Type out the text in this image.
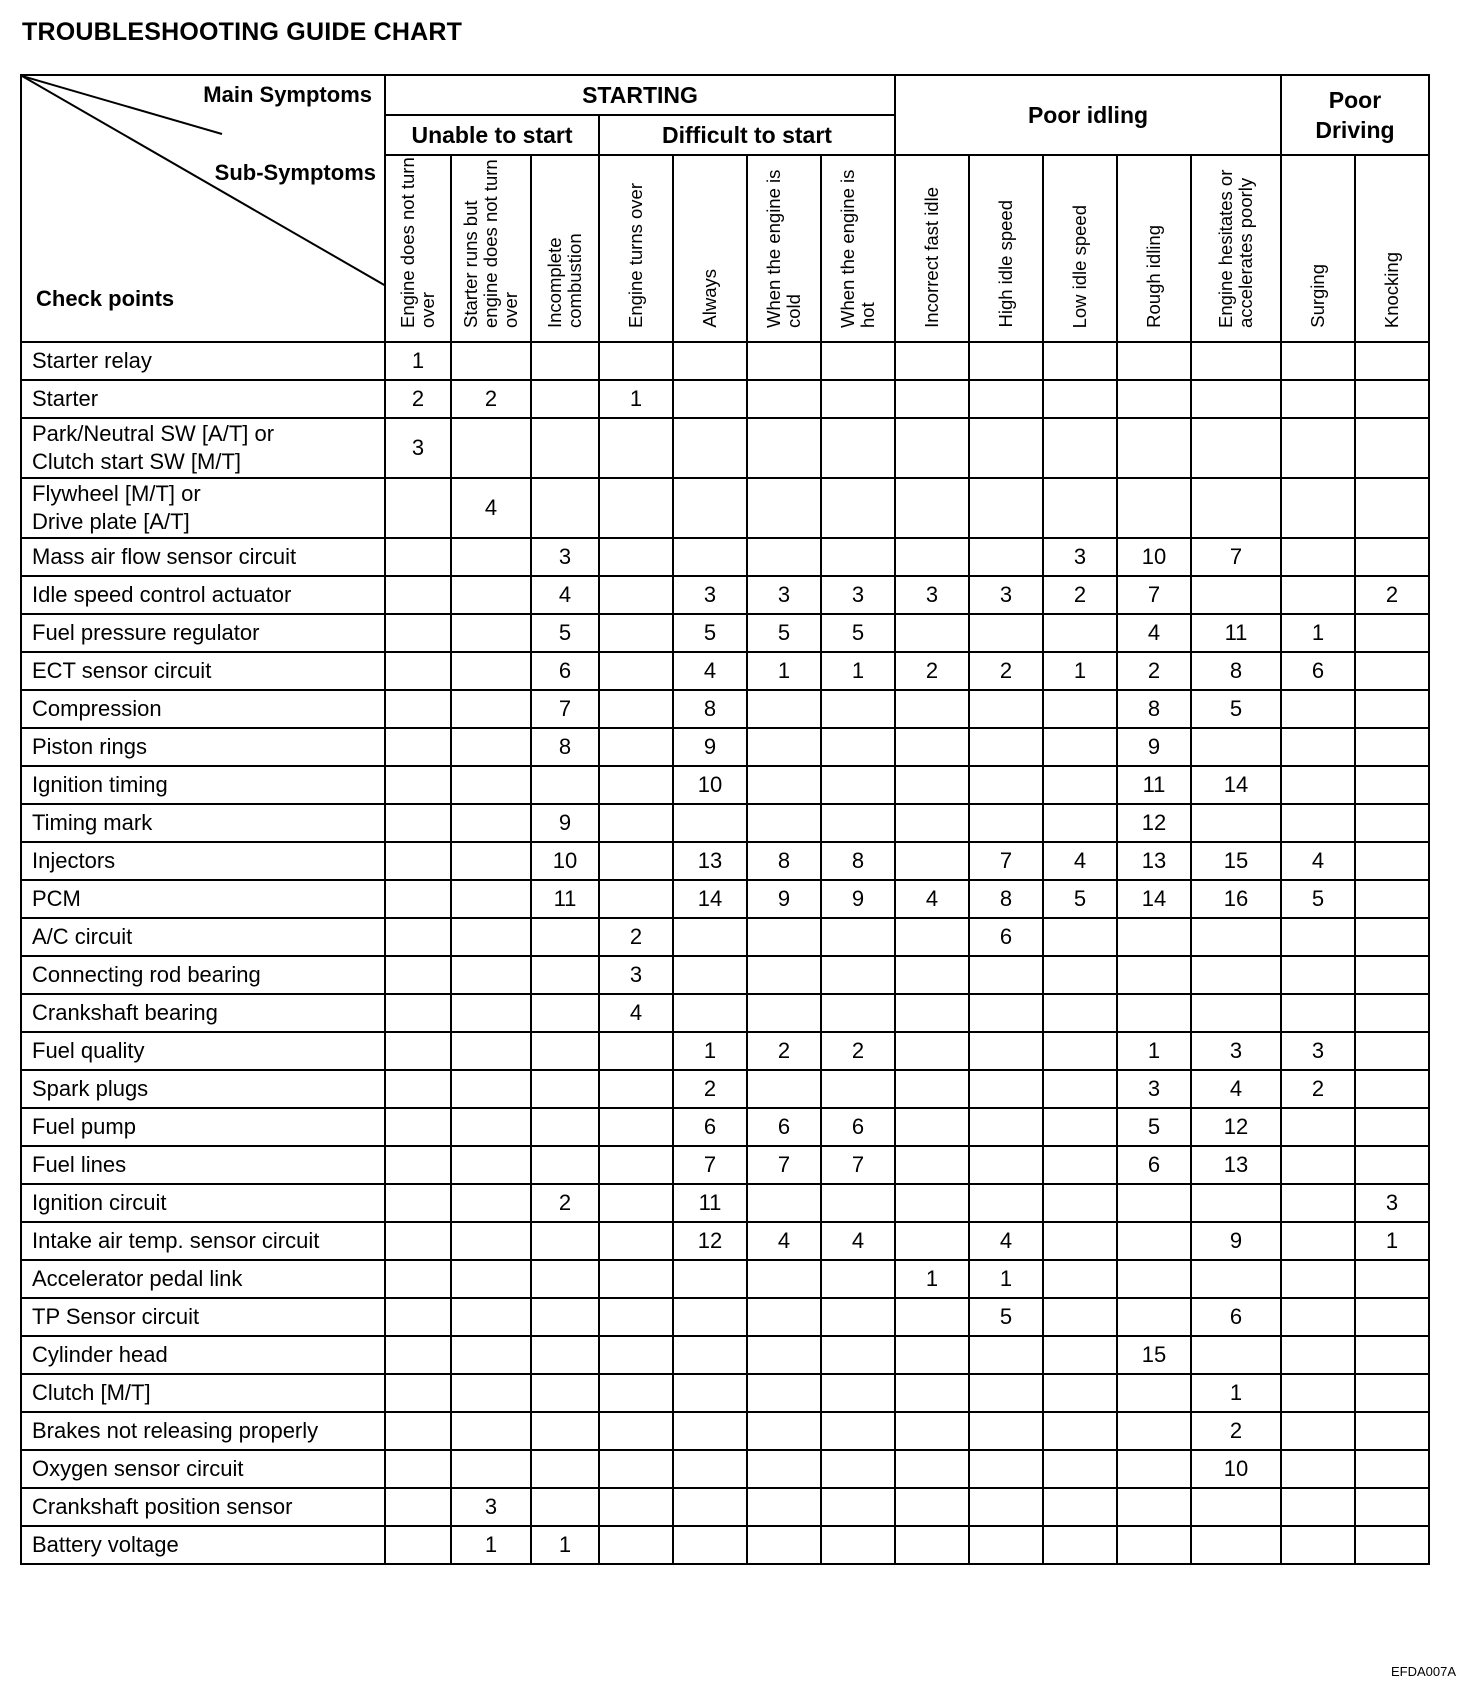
TROUBLESHOOTING GUIDE CHART
Main Symptoms
Sub-Symptoms
Check points	STARTING							Poor idling					Poor
Driving	
	Unable to start			Difficult to start										
	Engine does not turn over	Starter runs but engine does not turn over	Incomplete combustion	Engine turns over	Always	When the engine is cold	When the engine is hot	Incorrect fast idle	High idle speed	Low idle speed	Rough idling	Engine hesitates or accelerates poorly	Surging	Knocking
Starter relay	1													
Starter	2	2		1										
Park/Neutral SW [A/T] or
Clutch start SW [M/T]	3													
Flywheel [M/T] or
Drive plate [A/T]		4												
Mass air flow sensor circuit			3							3	10	7		
Idle speed control actuator			4		3	3	3	3	3	2	7			2
Fuel pressure regulator			5		5	5	5				4	11	1	
ECT sensor circuit			6		4	1	1	2	2	1	2	8	6	
Compression			7		8						8	5		
Piston rings			8		9						9			
Ignition timing					10						11	14		
Timing mark			9								12			
Injectors			10		13	8	8		7	4	13	15	4	
PCM			11		14	9	9	4	8	5	14	16	5	
A/C circuit				2					6					
Connecting rod bearing				3										
Crankshaft bearing				4										
Fuel quality					1	2	2				1	3	3	
Spark plugs					2						3	4	2	
Fuel pump					6	6	6				5	12		
Fuel lines					7	7	7				6	13		
Ignition circuit			2		11									3
Intake air temp. sensor circuit					12	4	4		4			9		1
Accelerator pedal link								1	1					
TP Sensor circuit									5			6		
Cylinder head											15			
Clutch [M/T]												1		
Brakes not releasing properly												2		
Oxygen sensor circuit												10		
Crankshaft position sensor		3												
Battery voltage		1	1											
EFDA007A
